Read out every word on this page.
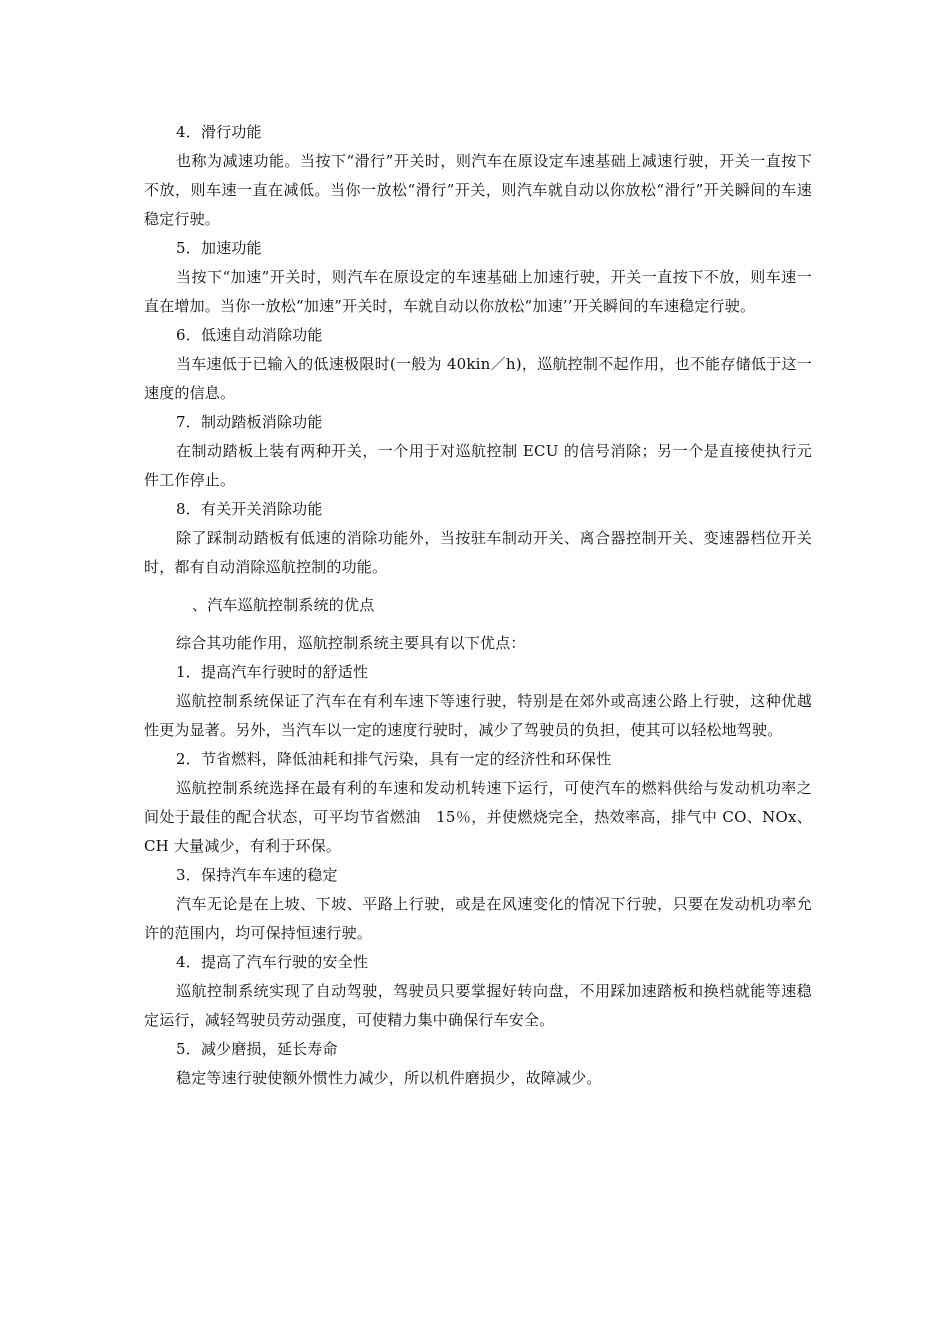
4．滑行功能

也称为减速功能。当按下“滑行”开关时，则汽车在原设定车速基础上减速行驶，开关一直按下不放，则车速一直在减低。当你一放松“滑行”开关，则汽车就自动以你放松“滑行”开关瞬间的车速稳定行驶。

5．加速功能

当按下“加速”开关时，则汽车在原设定的车速基础上加速行驶，开关一直按下不放，则车速一直在增加。当你一放松“加速”开关时，车就自动以你放松“加速’’开关瞬间的车速稳定行驶。

6．低速自动消除功能

当车速低于已输入的低速极限时(一般为 40kin／h)，巡航控制不起作用，也不能存储低于这一速度的信息。

7．制动踏板消除功能

在制动踏板上装有两种开关，一个用于对巡航控制 ECU 的信号消除；另一个是直接使执行元件工作停止。

8．有关开关消除功能

除了踩制动踏板有低速的消除功能外，当按驻车制动开关、离合器控制开关、变速器档位开关时，都有自动消除巡航控制的功能。

、汽车巡航控制系统的优点

综合其功能作用，巡航控制系统主要具有以下优点：

1．提高汽车行驶时的舒适性

巡航控制系统保证了汽车在有利车速下等速行驶，特别是在郊外或高速公路上行驶，这种优越性更为显著。另外，当汽车以一定的速度行驶时，减少了驾驶员的负担，使其可以轻松地驾驶。

2．节省燃料，降低油耗和排气污染，具有一定的经济性和环保性

巡航控制系统选择在最有利的车速和发动机转速下运行，可使汽车的燃料供给与发动机功率之间处于最佳的配合状态，可平均节省燃油　15％，并使燃烧完全，热效率高，排气中 CO、NOx、CH 大量减少，有利于环保。

3．保持汽车车速的稳定

汽车无论是在上坡、下坡、平路上行驶，或是在风速变化的情况下行驶，只要在发动机功率允许的范围内，均可保持恒速行驶。

4．提高了汽车行驶的安全性

巡航控制系统实现了自动驾驶，驾驶员只要掌握好转向盘，不用踩加速踏板和换档就能等速稳定运行，减轻驾驶员劳动强度，可使精力集中确保行车安全。

5．减少磨损，延长寿命

稳定等速行驶使额外惯性力减少，所以机件磨损少，故障减少。
